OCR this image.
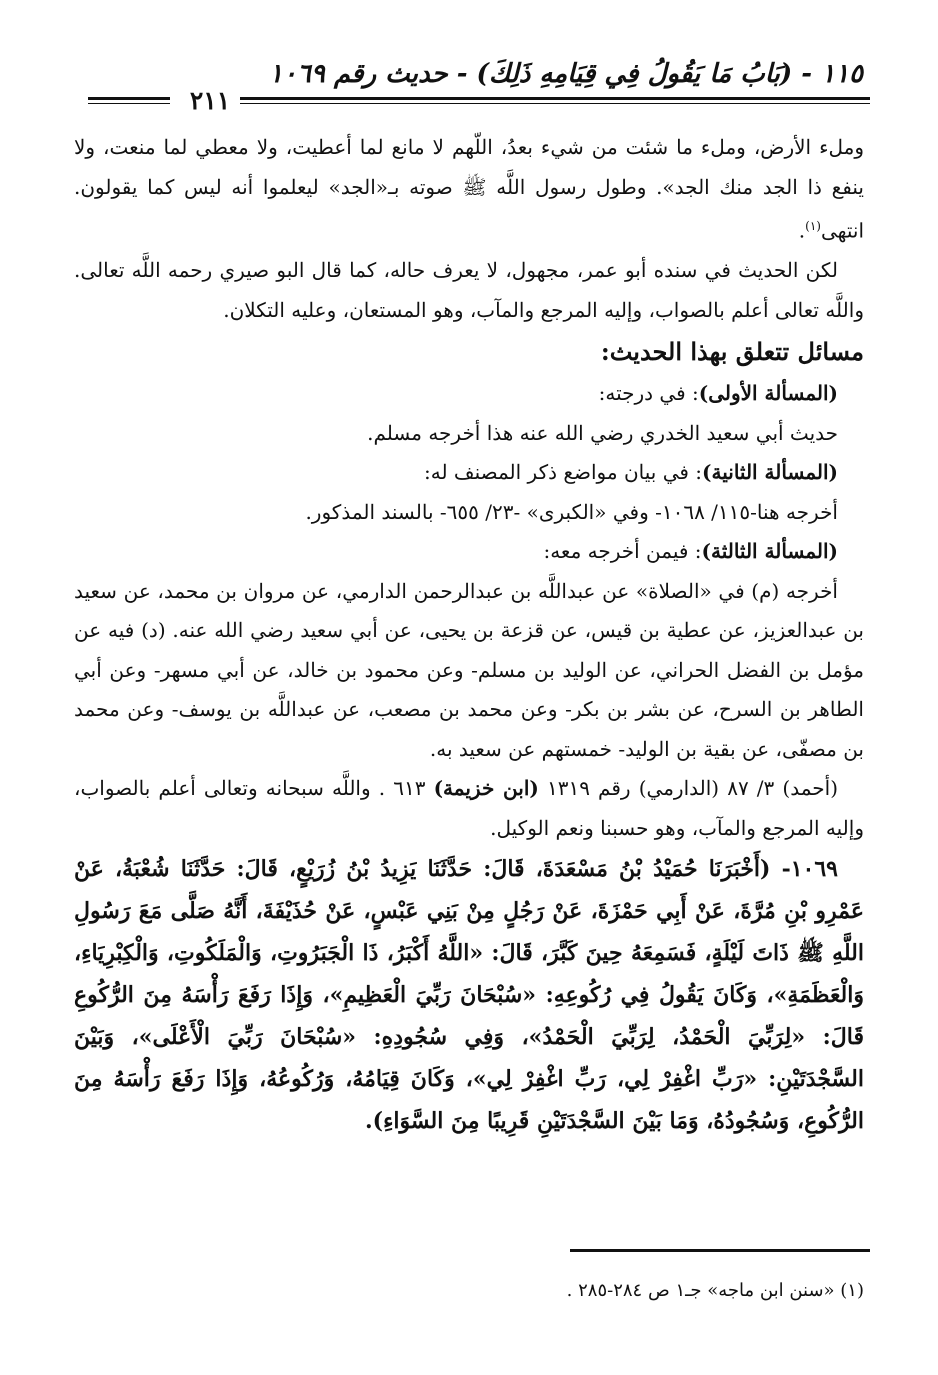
١١٥ - (بَابُ مَا يَقُولُ فِي قِيَامِهِ ذَلِكَ) - حديث رقم ١٠٦٩
٢١١

وملء الأرض، وملء ما شئت من شيء بعدُ، اللّهم لا مانع لما أعطيت، ولا معطي لما منعت، ولا ينفع ذا الجد منك الجد». وطول رسول اللَّه ﷺ صوته بـ«الجد» ليعلموا أنه ليس كما يقولون. انتهى$^{(١)}$.

لكن الحديث في سنده أبو عمر، مجهول، لا يعرف حاله، كما قال البو صيري رحمه اللَّه تعالى. واللَّه تعالى أعلم بالصواب، وإليه المرجع والمآب، وهو المستعان، وعليه التكلان.

مسائل تتعلق بهذا الحديث:

(المسألة الأولى): في درجته:

حديث أبي سعيد الخدري رضي الله عنه هذا أخرجه مسلم.

(المسألة الثانية): في بيان مواضع ذكر المصنف له:

أخرجه هنا-١١٥/ ١٠٦٨- وفي «الكبرى» -٢٣/ ٦٥٥- بالسند المذكور.

(المسألة الثالثة): فيمن أخرجه معه:

أخرجه (م) في «الصلاة» عن عبداللَّه بن عبدالرحمن الدارمي، عن مروان بن محمد، عن سعيد بن عبدالعزيز، عن عطية بن قيس، عن قزعة بن يحيى، عن أبي سعيد رضي الله عنه. (د) فيه عن مؤمل بن الفضل الحراني، عن الوليد بن مسلم- وعن محمود بن خالد، عن أبي مسهر- وعن أبي الطاهر بن السرح، عن بشر بن بكر- وعن محمد بن مصعب، عن عبداللَّه بن يوسف- وعن محمد بن مصفّى، عن بقية بن الوليد- خمستهم عن سعيد به.

(أحمد) ٣/ ٨٧ (الدارمي) رقم ١٣١٩ (ابن خزيمة) ٦١٣ . واللَّه سبحانه وتعالى أعلم بالصواب، وإليه المرجع والمآب، وهو حسبنا ونعم الوكيل.

١٠٦٩- (أَخْبَرَنَا حُمَيْدُ بْنُ مَسْعَدَةَ، قَالَ: حَدَّثَنَا يَزِيدُ بْنُ زُرَيْعٍ، قَالَ: حَدَّثَنَا شُعْبَةُ، عَنْ عَمْرِو بْنِ مُرَّةَ، عَنْ أَبِي حَمْزَةَ، عَنْ رَجُلٍ مِنْ بَنِي عَبْسٍ، عَنْ حُذَيْفَةَ، أَنَّهُ صَلَّى مَعَ رَسُولِ اللَّهِ ﷺ ذَاتَ لَيْلَةٍ، فَسَمِعَهُ حِينَ كَبَّرَ، قَالَ: «اللَّهُ أَكْبَرُ، ذَا الْجَبَرُوتِ، وَالْمَلَكُوتِ، وَالْكِبْرِيَاءِ، وَالْعَظَمَةِ»، وَكَانَ يَقُولُ فِي رُكُوعِهِ: «سُبْحَانَ رَبِّيَ الْعَظِيمِ»، وَإِذَا رَفَعَ رَأْسَهُ مِنَ الرُّكُوعِ قَالَ: «لِرَبِّيَ الْحَمْدُ، لِرَبِّيَ الْحَمْدُ»، وَفِي سُجُودِهِ: «سُبْحَانَ رَبِّيَ الْأَعْلَى»، وَبَيْنَ السَّجْدَتَيْنِ: «رَبِّ اغْفِرْ لِي، رَبِّ اغْفِرْ لِي»، وَكَانَ قِيَامُهُ، وَرُكُوعُهُ، وَإِذَا رَفَعَ رَأْسَهُ مِنَ الرُّكُوعِ، وَسُجُودُهُ، وَمَا بَيْنَ السَّجْدَتَيْنِ قَرِيبًا مِنَ السَّوَاءِ).

(١) «سنن ابن ماجه» جـ١ ص ٢٨٤-٢٨٥ .
